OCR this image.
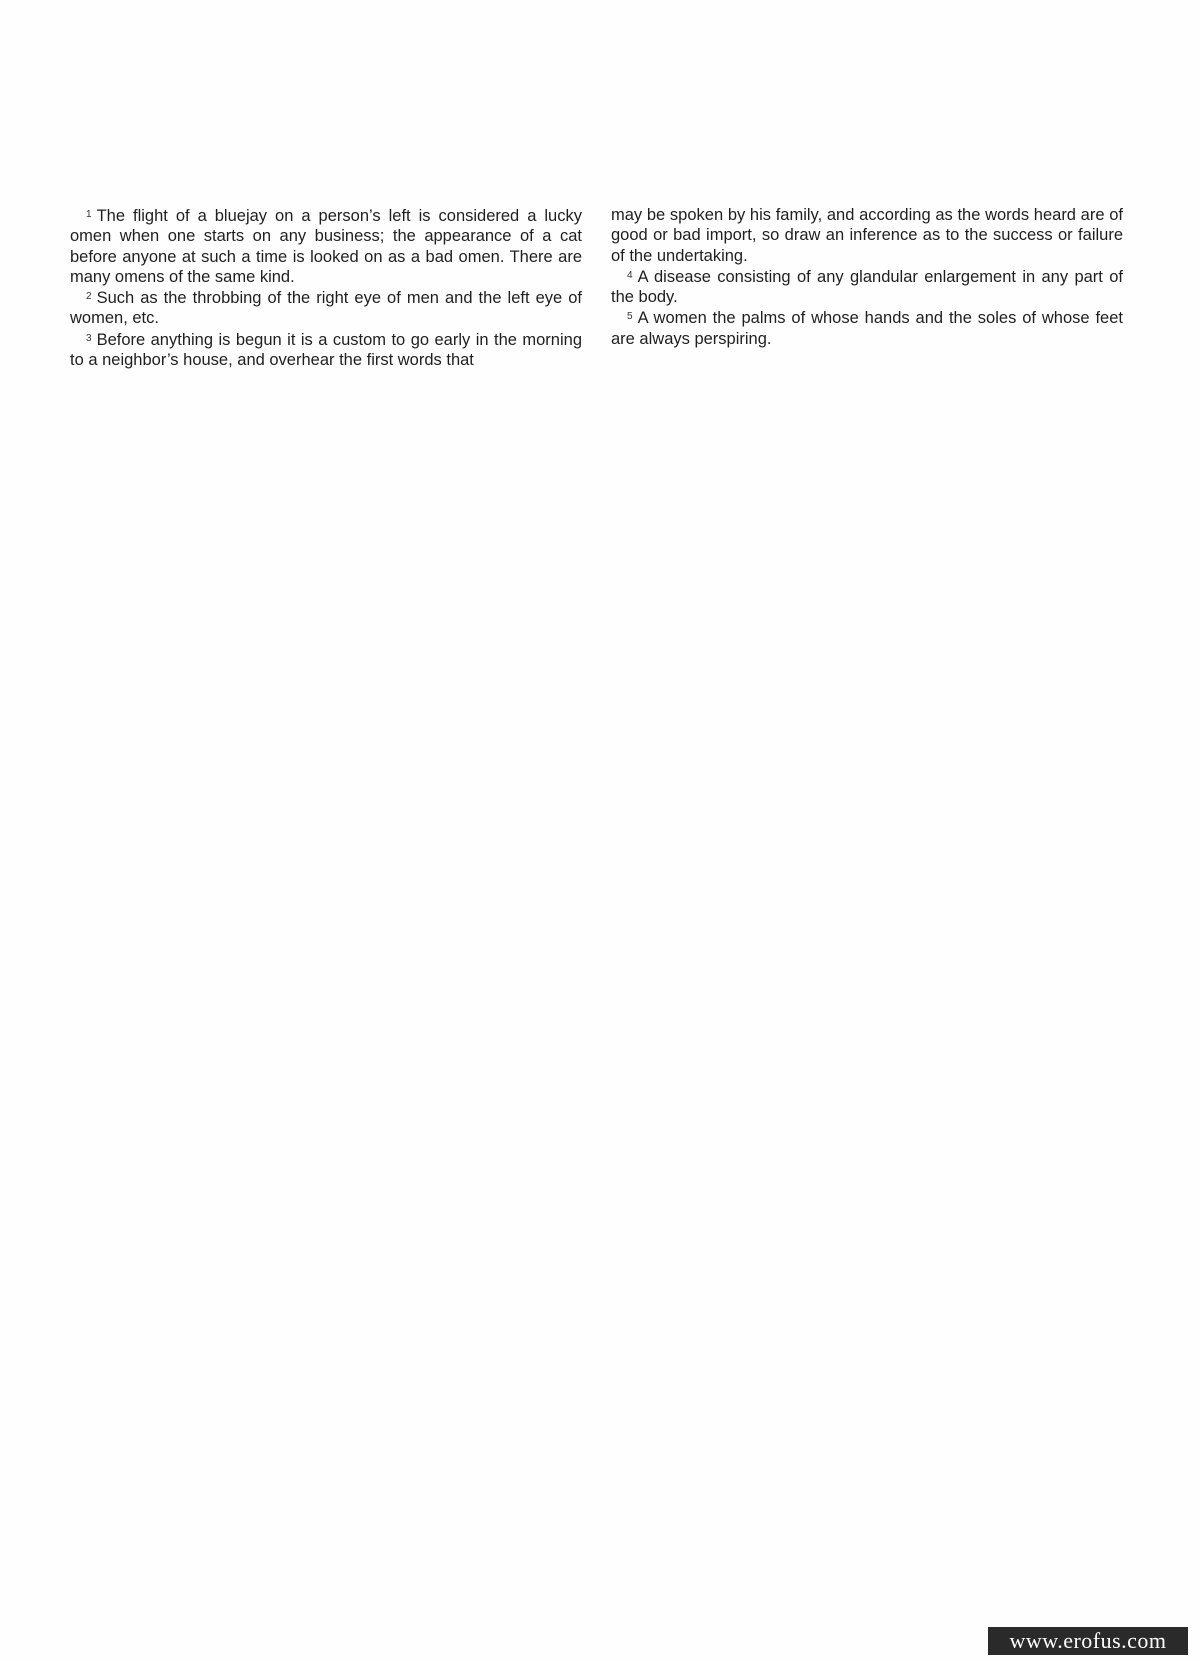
$^1$ The flight of a bluejay on a person’s left is considered a lucky omen when one starts on any business; the appearance of a cat before anyone at such a time is looked on as a bad omen. There are many omens of the same kind.

$^2$ Such as the throbbing of the right eye of men and the left eye of women, etc.

$^3$ Before anything is begun it is a custom to go early in the morning to a neighbor’s house, and overhear the first words that

may be spoken by his family, and according as the words heard are of good or bad import, so draw an inference as to the success or failure of the undertaking.

$^4$ A disease consisting of any glandular enlargement in any part of the body.

$^5$ A women the palms of whose hands and the soles of whose feet are always perspiring.

www.erofus.com
